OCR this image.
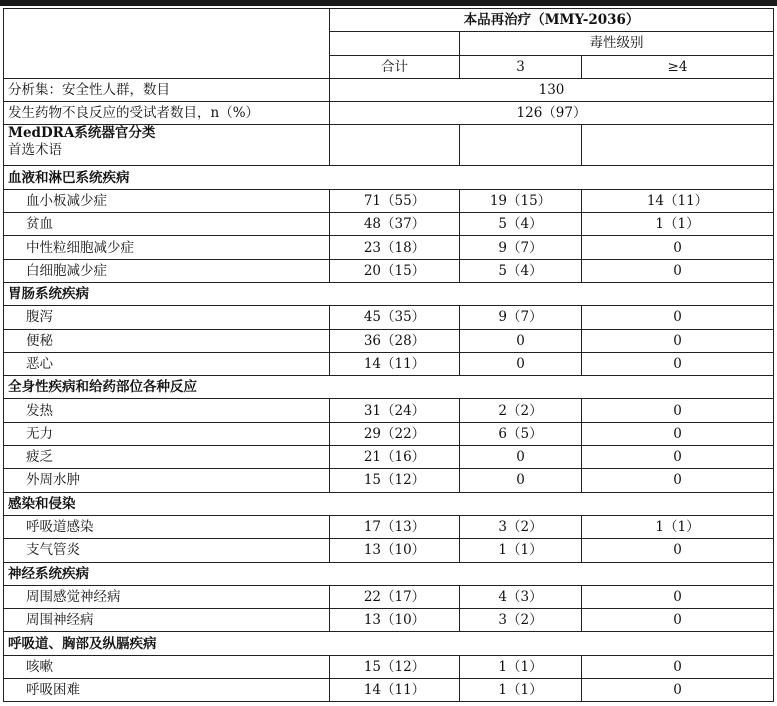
	本品再治疗（MMY-2036）		
		毒性级别	
	合计	3	≥4
分析集：安全性人群，数目	130		
发生药物不良反应的受试者数目，n（%）	126（97）		

MedDRA系统器官分类
首选术语			

血液和淋巴系统疾病			
血小板减少症	71（55）	19（15）	14（11）
贫血	48（37）	5（4）	1（1）
中性粒细胞减少症	23（18）	9（7）	0
白细胞减少症	20（15）	5（4）	0
胃肠系统疾病			
腹泻	45（35）	9（7）	0
便秘	36（28）	0	0
恶心	14（11）	0	0
全身性疾病和给药部位各种反应			
发热	31（24）	2（2）	0
无力	29（22）	6（5）	0
疲乏	21（16）	0	0
外周水肿	15（12）	0	0
感染和侵染			
呼吸道感染	17（13）	3（2）	1（1）
支气管炎	13（10）	1（1）	0
神经系统疾病			
周围感觉神经病	22（17）	4（3）	0
周围神经病	13（10）	3（2）	0
呼吸道、胸部及纵膈疾病			
咳嗽	15（12）	1（1）	0
呼吸困难	14（11）	1（1）	0
